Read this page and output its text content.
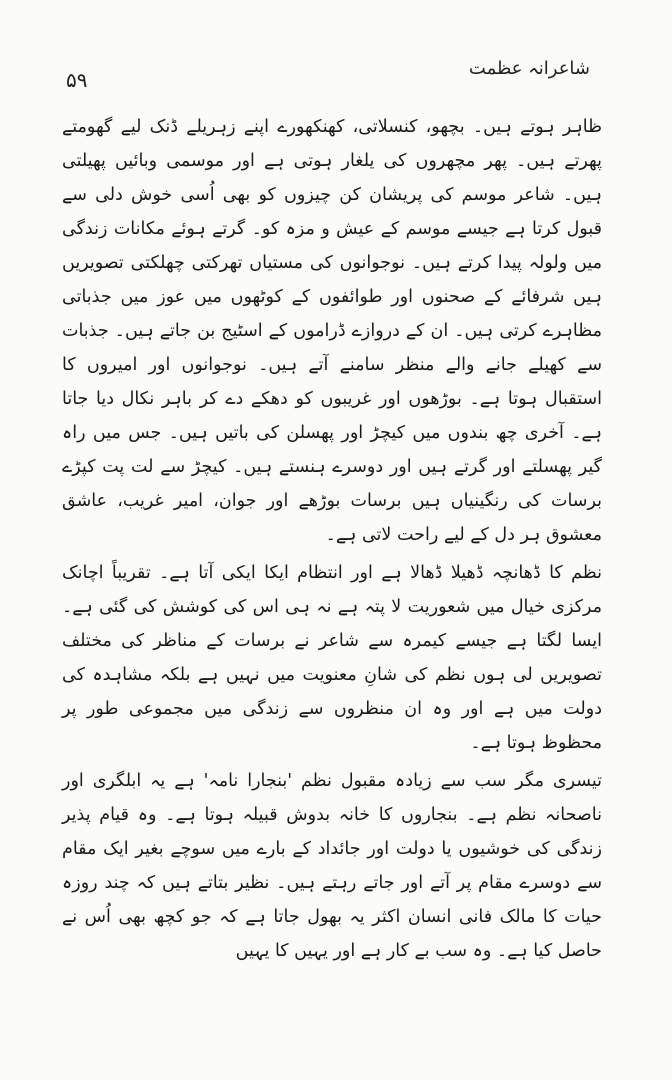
شاعرانہ عظمت
۵۹

ظاہر ہوتے ہیں۔ بچھو، کنسلاتی، کھنکھورے اپنے زہریلے ڈنک لیے گھومتے پھرتے ہیں۔ پھر مچھروں کی یلغار ہوتی ہے اور موسمی وبائیں پھیلتی ہیں۔ شاعر موسم کی پریشان کن چیزوں کو بھی اُسی خوش دلی سے قبول کرتا ہے جیسے موسم کے عیش و مزہ کو۔ گرتے ہوئے مکانات زندگی میں ولولہ پیدا کرتے ہیں۔ نوجوانوں کی مستیاں تھرکتی چھلکتی تصویریں ہیں شرفائے کے صحنوں اور طوائفوں کے کوٹھوں میں عوز میں جذباتی مظاہرے کرتی ہیں۔ ان کے دروازے ڈراموں کے اسٹیج بن جاتے ہیں۔ جذبات سے کھیلے جانے والے منظر سامنے آتے ہیں۔ نوجوانوں اور امیروں کا استقبال ہوتا ہے۔ بوڑھوں اور غریبوں کو دھکے دے کر باہر نکال دیا جاتا ہے۔ آخری چھ بندوں میں کیچڑ اور پھسلن کی باتیں ہیں۔ جس میں راہ گیر پھسلتے اور گرتے ہیں اور دوسرے ہنستے ہیں۔ کیچڑ سے لت پت کپڑے برسات کی رنگینیاں ہیں برسات بوڑھے اور جوان، امیر غریب، عاشق معشوق ہر دل کے لیے راحت لاتی ہے۔

نظم کا ڈھانچہ ڈھیلا ڈھالا ہے اور انتظام ایکا ایکی آتا ہے۔ تقریباً اچانک مرکزی خیال میں شعوریت لا پتہ ہے نہ ہی اس کی کوشش کی گئی ہے۔ ایسا لگتا ہے جیسے کیمرہ سے شاعر نے برسات کے مناظر کی مختلف تصویریں لی ہوں نظم کی شانِ معنویت میں نہیں ہے بلکہ مشاہدہ کی دولت میں ہے اور وہ ان منظروں سے زندگی میں مجموعی طور پر محظوظ ہوتا ہے۔

تیسری مگر سب سے زیادہ مقبول نظم 'بنجارا نامہ' ہے یہ ابلگری اور ناصحانہ نظم ہے۔ بنجاروں کا خانہ بدوش قبیلہ ہوتا ہے۔ وہ قیام پذیر زندگی کی خوشیوں یا دولت اور جائداد کے بارے میں سوچے بغیر ایک مقام سے دوسرے مقام پر آتے اور جاتے رہتے ہیں۔ نظیر بتاتے ہیں کہ چند روزہ حیات کا مالک فانی انسان اکثر یہ بھول جاتا ہے کہ جو کچھ بھی اُس نے حاصل کیا ہے۔ وہ سب بے کار ہے اور یہیں کا یہیں
